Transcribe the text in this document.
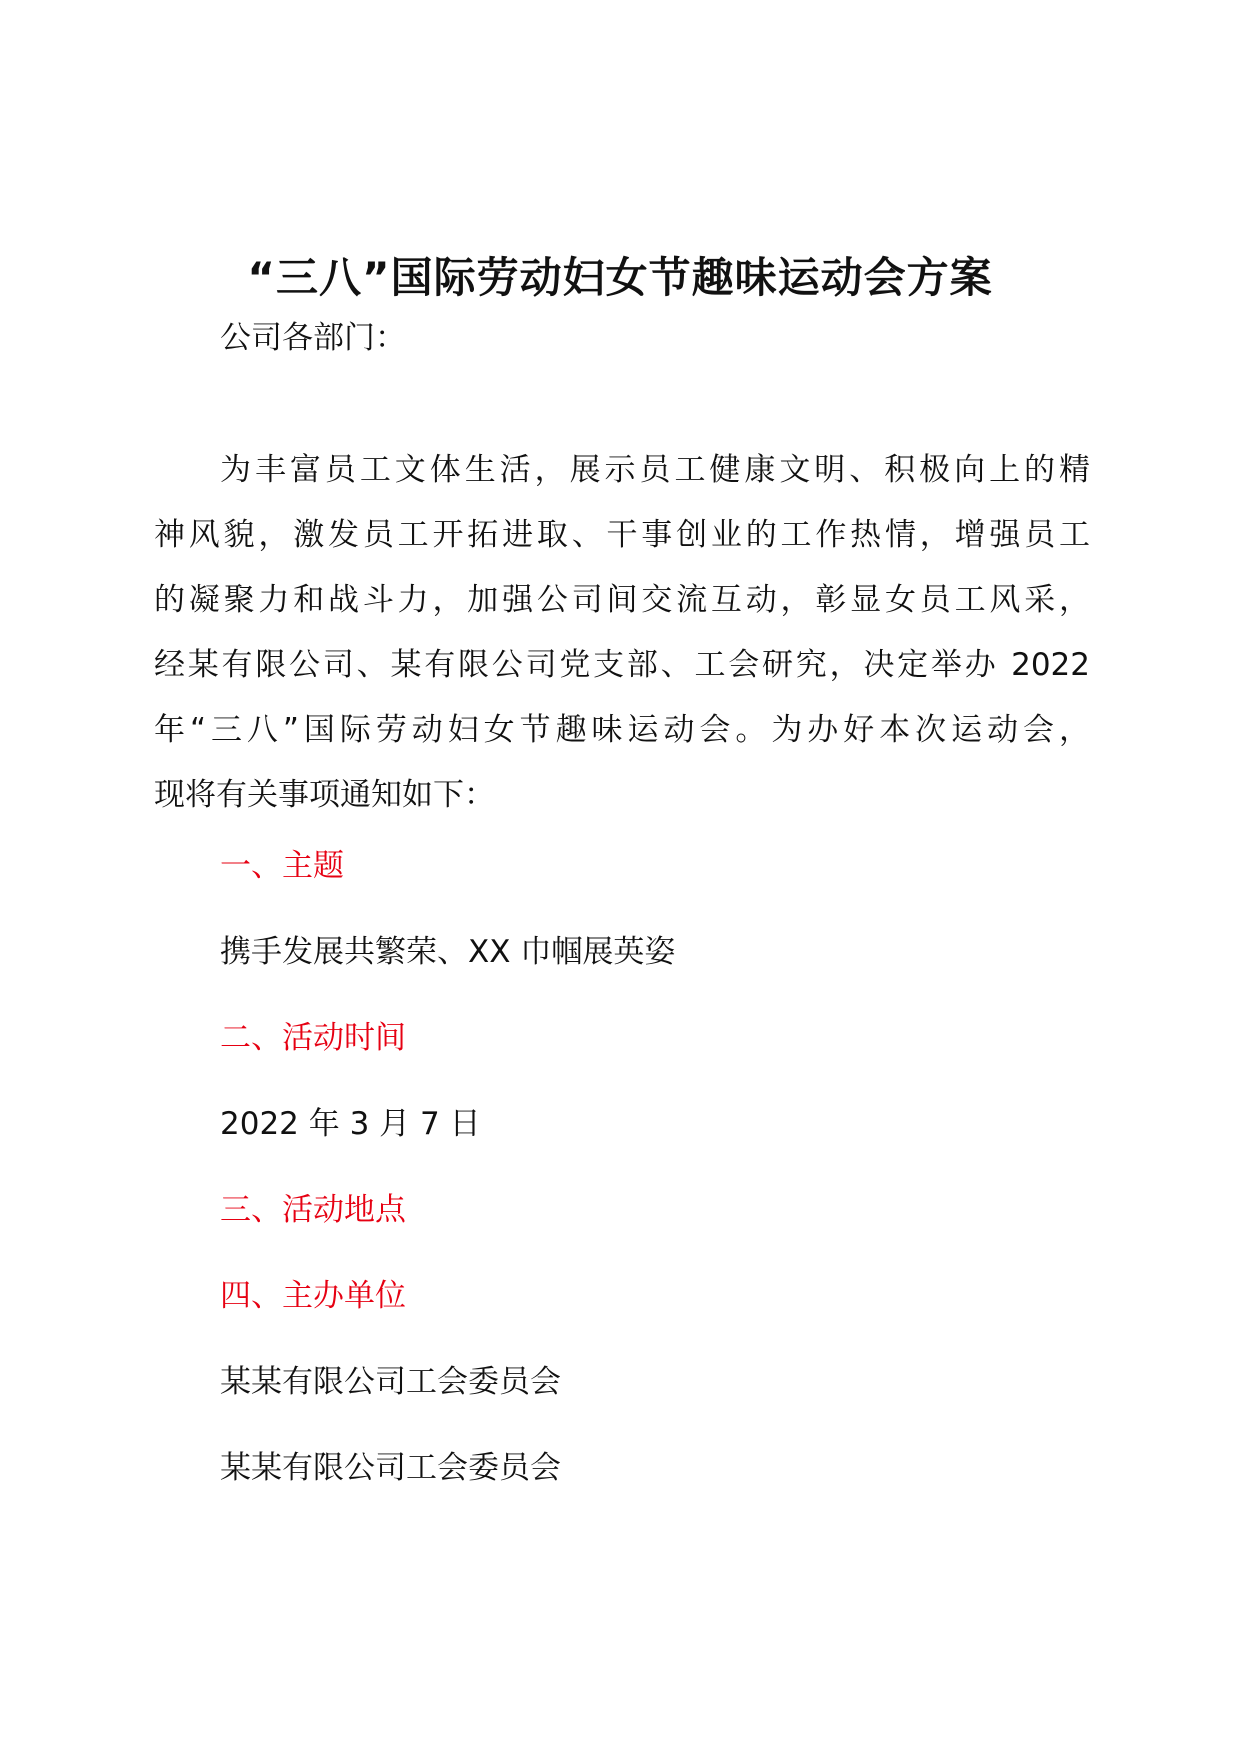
“三八”国际劳动妇女节趣味运动会方案
公司各部门：
为丰富员工文体生活，展示员工健康文明、积极向上的精
神风貌，激发员工开拓进取、干事创业的工作热情，增强员工
的凝聚力和战斗力，加强公司间交流互动，彰显女员工风采，
经某有限公司、某有限公司党支部、工会研究，决定举办 2022
年“三八”国际劳动妇女节趣味运动会。为办好本次运动会，
现将有关事项通知如下：
一、主题
携手发展共繁荣、XX 巾帼展英姿
二、活动时间
2022 年 3 月 7 日
三、活动地点
四、主办单位
某某有限公司工会委员会
某某有限公司工会委员会
